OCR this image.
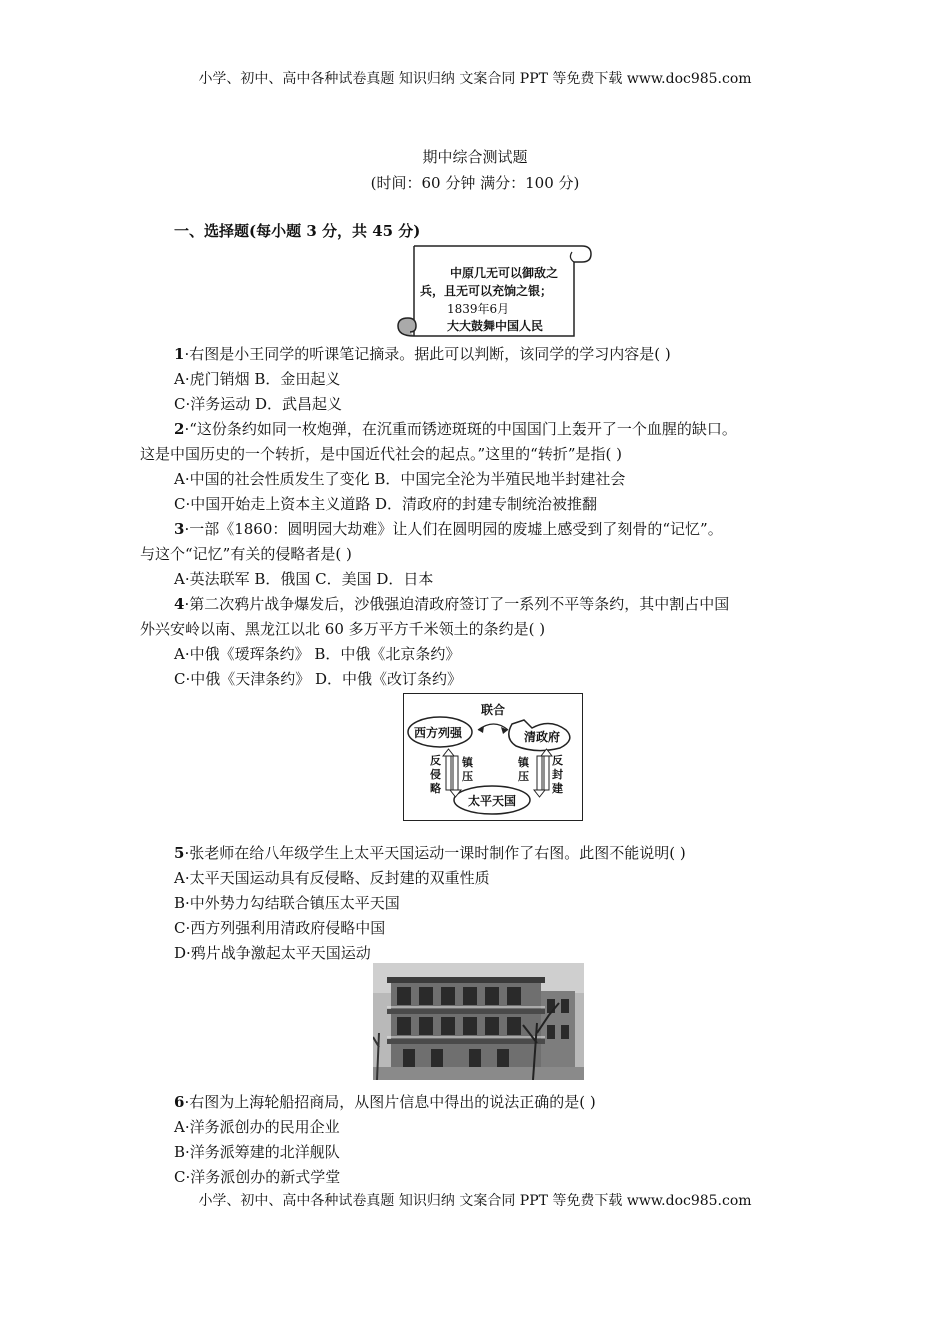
小学、初中、高中各种试卷真题 知识归纳 文案合同 PPT 等免费下载 www.doc985.com
小学、初中、高中各种试卷真题 知识归纳 文案合同 PPT 等免费下载 www.doc985.com
期中综合测试题
(时间：60 分钟 满分：100 分)
一、选择题(每小题 3 分，共 45 分)
中原几无可以御敌之
兵，且无可以充饷之银；
1839年6月
大大鼓舞中国人民
1·右图是小王同学的听课笔记摘录。据此可以判断，该同学的学习内容是( )
A·虎门销烟 B．金田起义
C·洋务运动 D．武昌起义
2·“这份条约如同一枚炮弹，在沉重而锈迹斑斑的中国国门上轰开了一个血腥的缺口。
这是中国历史的一个转折，是中国近代社会的起点。”这里的“转折”是指( )
A·中国的社会性质发生了变化 B．中国完全沦为半殖民地半封建社会
C·中国开始走上资本主义道路 D．清政府的封建专制统治被推翻
3·一部《1860：圆明园大劫难》让人们在圆明园的废墟上感受到了刻骨的“记忆”。
与这个“记忆”有关的侵略者是( )
A·英法联军 B．俄国 C．美国 D．日本
4·第二次鸦片战争爆发后，沙俄强迫清政府签订了一系列不平等条约，其中割占中国
外兴安岭以南、黑龙江以北 60 多万平方千米领土的条约是( )
A·中俄《瑷珲条约》 B．中俄《北京条约》
C·中俄《天津条约》 D．中俄《改订条约》
西方列强	清政府
太平天国
联合
反侵略
镇压
镇压
反封建
5·张老师在给八年级学生上太平天国运动一课时制作了右图。此图不能说明( )
A·太平天国运动具有反侵略、反封建的双重性质
B·中外势力勾结联合镇压太平天国
C·西方列强利用清政府侵略中国
D·鸦片战争激起太平天国运动
6·右图为上海轮船招商局，从图片信息中得出的说法正确的是( )
A·洋务派创办的民用企业
B·洋务派筹建的北洋舰队
C·洋务派创办的新式学堂
